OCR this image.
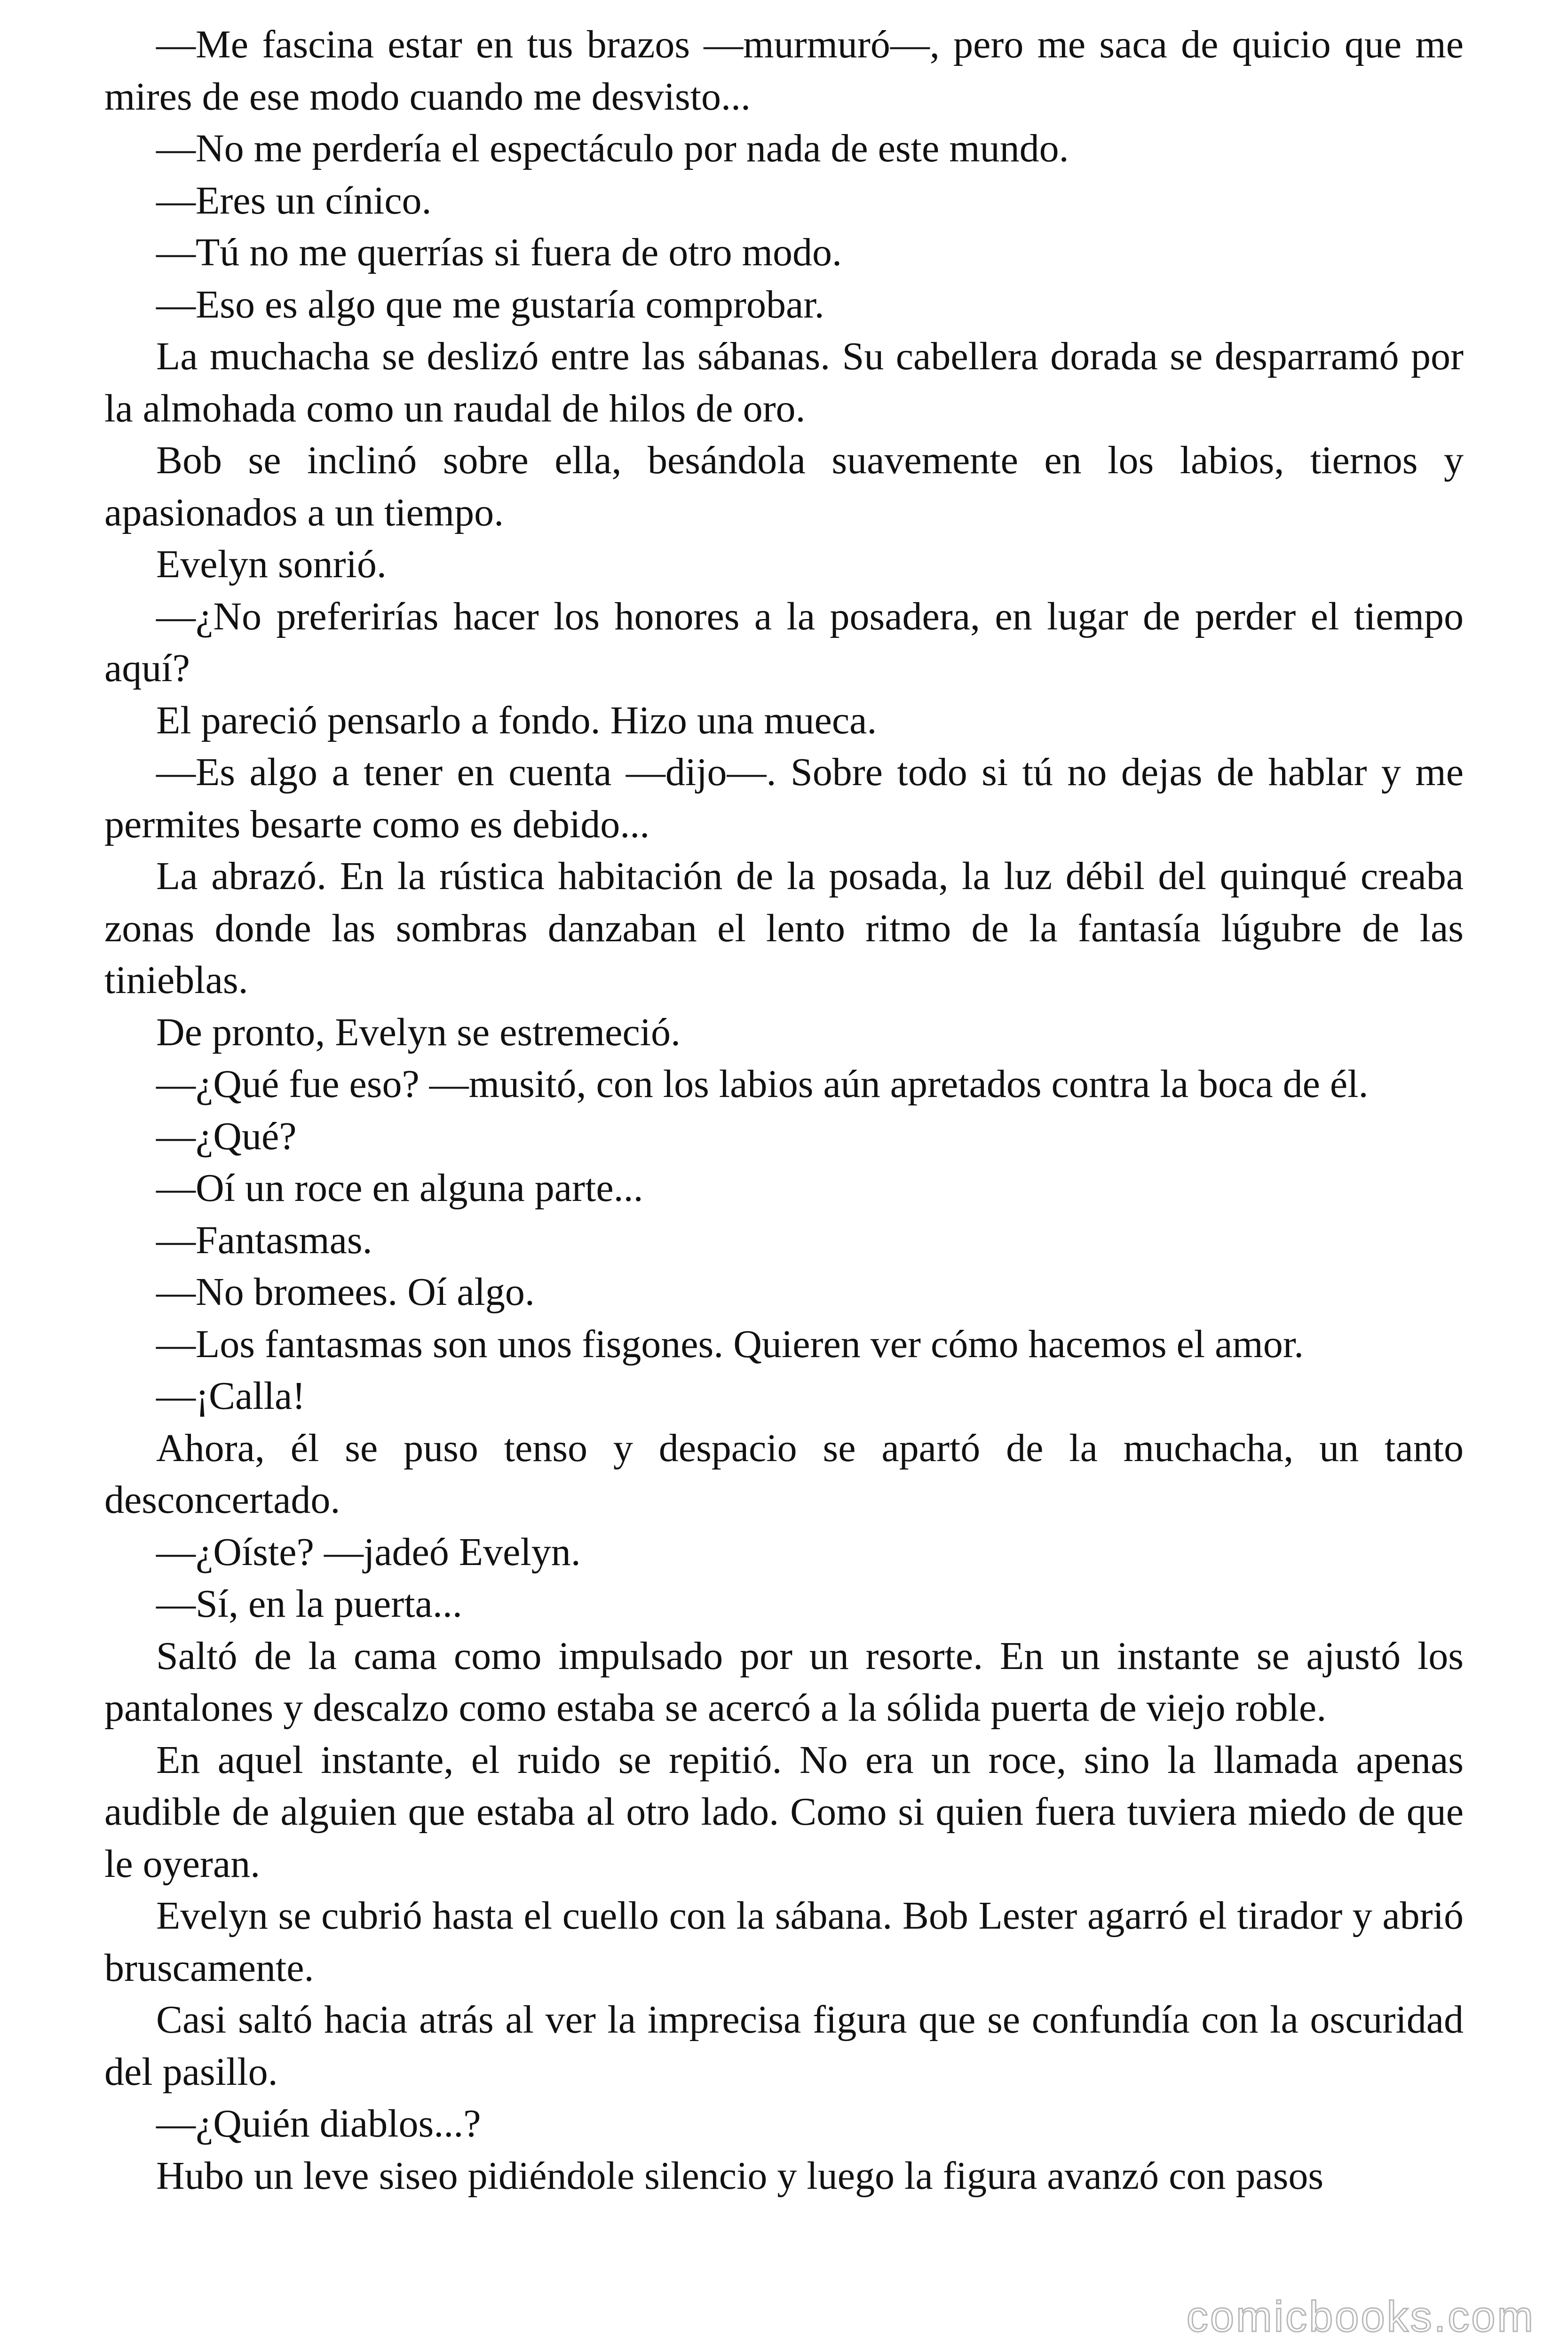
—Me fascina estar en tus brazos —murmuró—, pero me saca de quicio que me mires de ese modo cuando me desvisto...

—No me perdería el espectáculo por nada de este mundo.

—Eres un cínico.

—Tú no me querrías si fuera de otro modo.

—Eso es algo que me gustaría comprobar.

La muchacha se deslizó entre las sábanas. Su cabellera dorada se desparramó por la almohada como un raudal de hilos de oro.

Bob se inclinó sobre ella, besándola suavemente en los labios, tiernos y apasionados a un tiempo.

Evelyn sonrió.

—¿No preferirías hacer los honores a la posadera, en lugar de perder el tiempo aquí?

El pareció pensarlo a fondo. Hizo una mueca.

—Es algo a tener en cuenta —dijo—. Sobre todo si tú no dejas de hablar y me permites besarte como es debido...

La abrazó. En la rústica habitación de la posada, la luz débil del quinqué creaba zonas donde las sombras danzaban el lento ritmo de la fantasía lúgubre de las tinieblas.

De pronto, Evelyn se estremeció.

—¿Qué fue eso? —musitó, con los labios aún apretados contra la boca de él.

—¿Qué?

—Oí un roce en alguna parte...

—Fantasmas.

—No bromees. Oí algo.

—Los fantasmas son unos fisgones. Quieren ver cómo hacemos el amor.

—¡Calla!

Ahora, él se puso tenso y despacio se apartó de la muchacha, un tanto desconcertado.

—¿Oíste? —jadeó Evelyn.

—Sí, en la puerta...

Saltó de la cama como impulsado por un resorte. En un instante se ajustó los pantalones y descalzo como estaba se acercó a la sólida puerta de viejo roble.

En aquel instante, el ruido se repitió. No era un roce, sino la llamada apenas audible de alguien que estaba al otro lado. Como si quien fuera tuviera miedo de que le oyeran.

Evelyn se cubrió hasta el cuello con la sábana. Bob Lester agarró el tirador y abrió bruscamente.

Casi saltó hacia atrás al ver la imprecisa figura que se confundía con la oscuridad del pasillo.

—¿Quién diablos...?

Hubo un leve siseo pidiéndole silencio y luego la figura avanzó con pasos

comicbooks.com
